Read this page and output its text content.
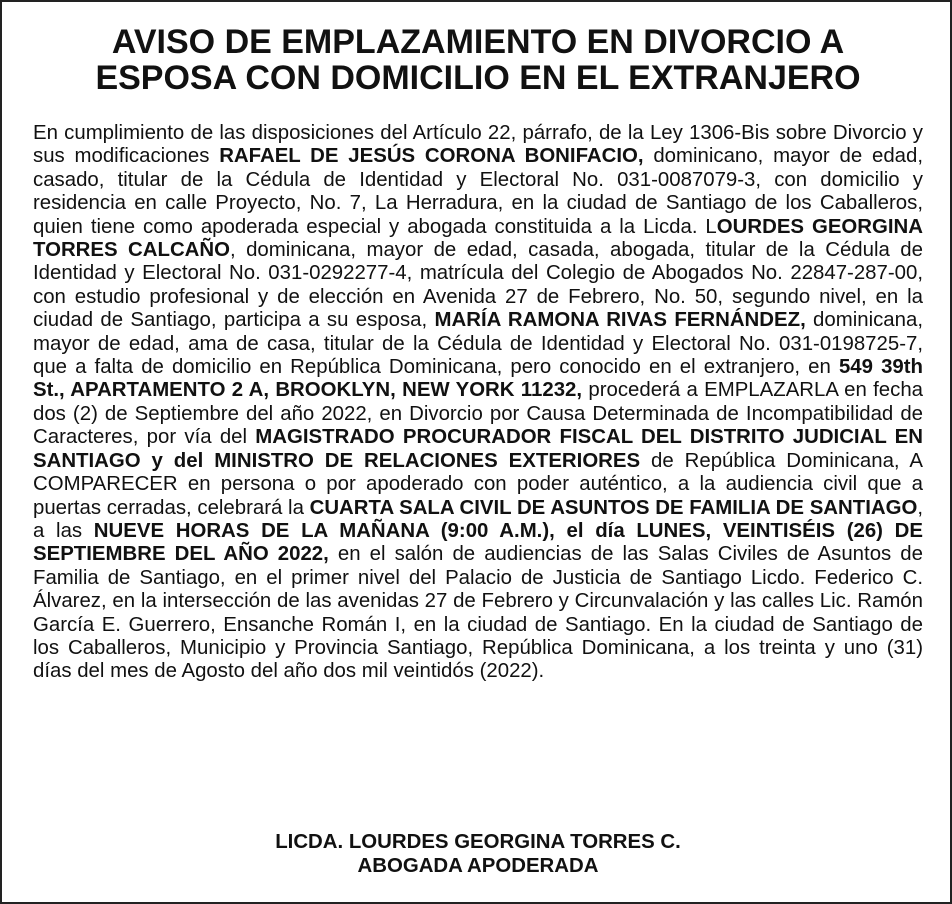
AVISO DE EMPLAZAMIENTO EN DIVORCIO A
ESPOSA CON DOMICILIO EN EL EXTRANJERO

En cumplimiento de las disposiciones del Artículo 22, párrafo, de la Ley 1306-Bis sobre Divorcio y sus modificaciones RAFAEL DE JESÚS CORONA BONIFACIO, dominicano, mayor de edad, casado, titular de la Cédula de Identidad y Electoral No. 031-0087079-3, con domicilio y residencia en calle Proyecto, No. 7, La Herradura, en la ciudad de Santiago de los Caballeros, quien tiene como apoderada especial y abogada constituida a la Licda. LOURDES GEORGINA TORRES CALCAÑO, dominicana, mayor de edad, casada, abogada, titular de la Cédula de Identidad y Electoral No. 031-0292277-4, matrícula del Colegio de Abogados No. 22847-287-00, con estudio profesional y de elección en Avenida 27 de Febrero, No. 50, segundo nivel, en la ciudad de Santiago, participa a su esposa, MARÍA RAMONA RIVAS FERNÁNDEZ, dominicana, mayor de edad, ama de casa, titular de la Cédula de Identidad y Electoral No. 031-0198725-7, que a falta de domicilio en República Dominicana, pero conocido en el extranjero, en 549 39th St., APARTAMENTO 2 A, BROOKLYN, NEW YORK 11232, procederá a EMPLAZARLA en fecha dos (2) de Septiembre del año 2022, en Divorcio por Causa Determinada de Incompatibilidad de Caracteres, por vía del MAGISTRADO PROCURADOR FISCAL DEL DISTRITO JUDICIAL EN SANTIAGO y del MINISTRO DE RELACIONES EXTERIORES de República Dominicana, A COMPARECER en persona o por apoderado con poder auténtico, a la audiencia civil que a puertas cerradas, celebrará la CUARTA SALA CIVIL DE ASUNTOS DE FAMILIA DE SANTIAGO, a las NUEVE HORAS DE LA MAÑANA (9:00 A.M.), el día LUNES, VEINTISÉIS (26) DE SEPTIEMBRE DEL AÑO 2022, en el salón de audiencias de las Salas Civiles de Asuntos de Familia de Santiago, en el primer nivel del Palacio de Justicia de Santiago Licdo. Federico C. Álvarez, en la intersección de las avenidas 27 de Febrero y Circunvalación y las calles Lic. Ramón García E. Guerrero, Ensanche Román I, en la ciudad de Santiago. En la ciudad de Santiago de los Caballeros, Municipio y Provincia Santiago, República Dominicana, a los treinta y uno (31) días del mes de Agosto del año dos mil veintidós (2022).

LICDA. LOURDES GEORGINA TORRES C.
ABOGADA APODERADA
